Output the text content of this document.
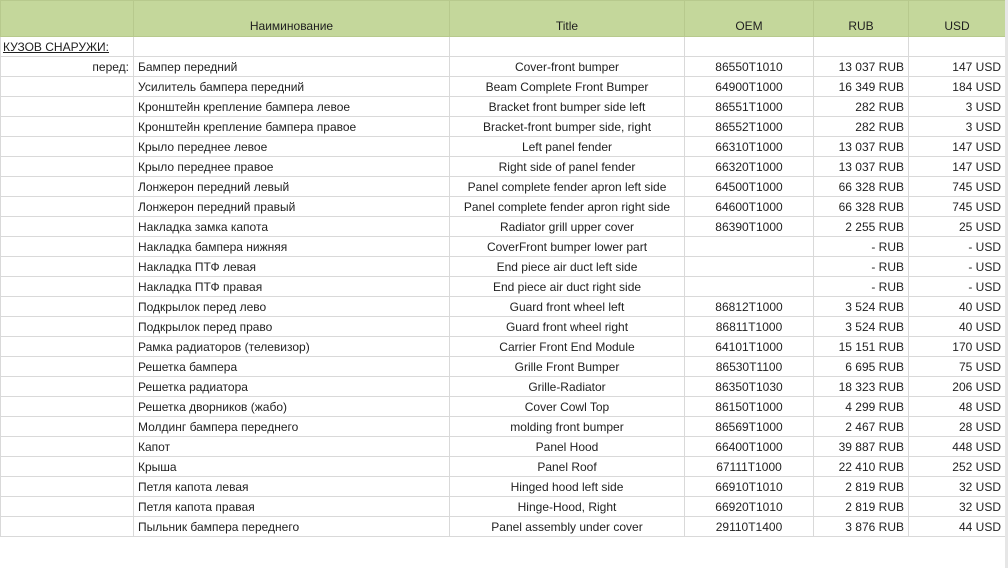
	Наиминование	Title	OEM	RUB	USD
КУЗОВ СНАРУЖИ:					
перед:	Бампер передний	Cover-front bumper	86550T1010	13 037 RUB	147 USD
	Усилитель бампера передний	Beam Complete Front Bumper	64900T1000	16 349 RUB	184 USD
	Кронштейн крепление бампера левое	Bracket front bumper side left	86551T1000	282 RUB	3 USD
	Кронштейн крепление бампера правое	Bracket-front bumper side, right	86552T1000	282 RUB	3 USD
	Крыло переднее левое	Left panel fender	66310T1000	13 037 RUB	147 USD
	Крыло переднее правое	Right side of panel fender	66320T1000	13 037 RUB	147 USD
	Лонжерон передний левый	Panel complete fender apron left side	64500T1000	66 328 RUB	745 USD
	Лонжерон передний правый	Panel complete fender apron right side	64600T1000	66 328 RUB	745 USD
	Накладка замка капота	Radiator grill upper cover	86390T1000	2 255 RUB	25 USD
	Накладка бампера нижняя	CoverFront bumper lower part		- RUB	- USD
	Накладка ПТФ левая	End piece air duct left side		- RUB	- USD
	Накладка ПТФ правая	End piece air duct right side		- RUB	- USD
	Подкрылок перед лево	Guard front wheel left	86812T1000	3 524 RUB	40 USD
	Подкрылок перед право	Guard front wheel right	86811T1000	3 524 RUB	40 USD
	Рамка радиаторов (телевизор)	Carrier Front End Module	64101T1000	15 151 RUB	170 USD
	Решетка бампера	Grille Front Bumper	86530T1100	6 695 RUB	75 USD
	Решетка радиатора	Grille-Radiator	86350T1030	18 323 RUB	206 USD
	Решетка дворников (жабо)	Cover Cowl Top	86150T1000	4 299 RUB	48 USD
	Молдинг бампера переднего	molding front bumper	86569T1000	2 467 RUB	28 USD
	Капот	Panel Hood	66400T1000	39 887 RUB	448 USD
	Крыша	Panel Roof	67111T1000	22 410 RUB	252 USD
	Петля капота левая	Hinged hood left side	66910T1010	2 819 RUB	32 USD
	Петля капота правая	Hinge-Hood, Right	66920T1010	2 819 RUB	32 USD
	Пыльник бампера переднего	Panel assembly under cover	29110T1400	3 876 RUB	44 USD
